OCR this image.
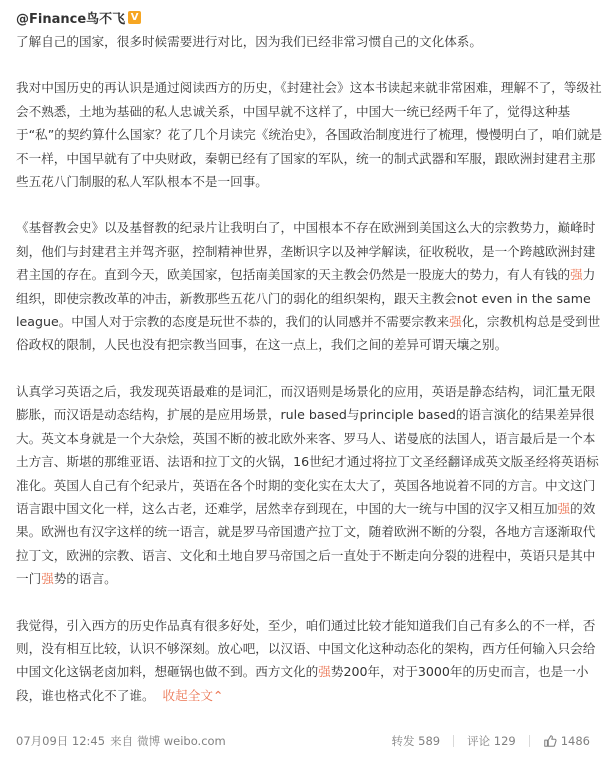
@Finance鸟不飞 V

了解自己的国家，很多时候需要进行对比，因为我们已经非常习惯自己的文化体系。

我对中国历史的再认识是通过阅读西方的历史，《封建社会》这本书读起来就非常困难，理解不了，等级社会不熟悉，土地为基础的私人忠诚关系，中国早就不这样了，中国大一统已经两千年了，觉得这种基于“私”的契约算什么国家？花了几个月读完《统治史》，各国政治制度进行了梳理，慢慢明白了，咱们就是不一样，中国早就有了中央财政，秦朝已经有了国家的军队，统一的制式武器和军服，跟欧洲封建君主那些五花八门制服的私人军队根本不是一回事。

《基督教会史》以及基督教的纪录片让我明白了，中国根本不存在欧洲到美国这么大的宗教势力，巅峰时刻，他们与封建君主并驾齐驱，控制精神世界，垄断识字以及神学解读，征收税收，是一个跨越欧洲封建君主国的存在。直到今天，欧美国家，包括南美国家的天主教会仍然是一股庞大的势力，有人有钱的强力组织，即使宗教改革的冲击，新教那些五花八门的弱化的组织架构，跟天主教会not even in the same league。中国人对于宗教的态度是玩世不恭的，我们的认同感并不需要宗教来强化，宗教机构总是受到世俗政权的限制，人民也没有把宗教当回事，在这一点上，我们之间的差异可谓天壤之别。

认真学习英语之后，我发现英语最难的是词汇，而汉语则是场景化的应用，英语是静态结构，词汇量无限膨胀，而汉语是动态结构，扩展的是应用场景，rule based与principle based的语言演化的结果差异很大。英文本身就是一个大杂烩，英国不断的被北欧外来客、罗马人、诺曼底的法国人，语言最后是一个本土方言、斯堪的那维亚语、法语和拉丁文的火锅，16世纪才通过将拉丁文圣经翻译成英文版圣经将英语标准化。英国人自己有个纪录片，英语在各个时期的变化实在太大了，英国各地说着不同的方言。中文这门语言跟中国文化一样，这么古老，还难学，居然幸存到现在，中国的大一统与中国的汉字又相互加强的效果。欧洲也有汉字这样的统一语言，就是罗马帝国遗产拉丁文，随着欧洲不断的分裂，各地方言逐渐取代拉丁文，欧洲的宗教、语言、文化和土地自罗马帝国之后一直处于不断走向分裂的进程中，英语只是其中一门强势的语言。

我觉得，引入西方的历史作品真有很多好处，至少，咱们通过比较才能知道我们自己有多么的不一样，否则，没有相互比较，认识不够深刻。放心吧，以汉语、中国文化这种动态化的架构，西方任何输入只会给中国文化这锅老卤加料，想砸锅也做不到。西方文化的强势200年，对于3000年的历史而言，也是一小段，谁也格式化不了谁。 收起全文⌃

07月09日 12:45 来自 微博 weibo.com	转发 589	评论 129	1486
